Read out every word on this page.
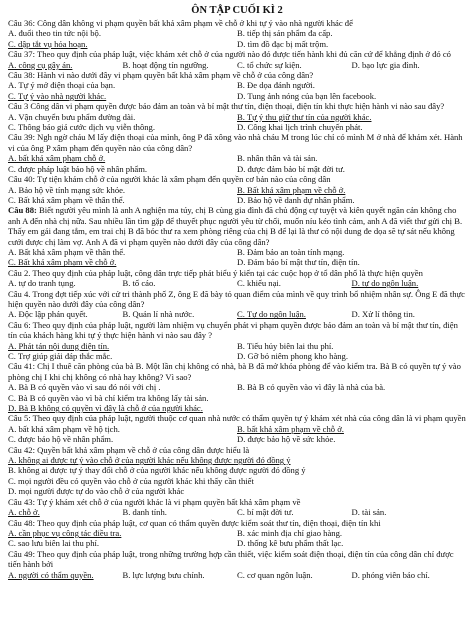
ÔN TẬP CUỐI KÌ 2
Câu 36: Công dân không vi phạm quyền bất khả xâm phạm về chỗ ở khi tự ý vào nhà người khác để
A. đuổi theo tin tức nội bộ.	B. tiếp thị sản phẩm đa cấp.
C. dập tắt vụ hỏa hoạn.	D. tìm đồ đạc bị mất trộm.
Câu 37: Theo quy định của pháp luật, việc khám xét chỗ ở của người nào đó được tiến hành khi đủ căn cứ để khẳng định ở đó có
A. công cụ gây án.	B. hoạt động tín ngưỡng.	C. tổ chức sự kiện.	D. bạo lực gia đình.
Câu 38: Hành vi nào dưới đây vi phạm quyền bất khả xâm phạm về chỗ ở của công dân?
A. Tự ý mở điện thoại của bạn.	B. Đe dọa đánh người.
C. Tự ý vào nhà người khác.	D. Tung ảnh nóng của bạn lên facebook.
Câu 3 Công dân vi phạm quyền được bảo đảm an toàn và bí mật thư tín, điện thoại, điện tín khi thực hiện hành vi nào sau đây?
A. Vận chuyển bưu phẩm đường dài.	B. Tự ý thu giữ thư tín của người khác.
C. Thông báo giá cước dịch vụ viễn thông.	D. Công khai lịch trình chuyến phát.
Câu 39: Ngh ngờ cháu M lấy điện thoại của mình, ông P đã xông vào nhà cháu M trong lúc chỉ có mình M ở nhà để khám xét. Hành vi của ông P xâm phạm đến quyền nào của công dân?
A. bất khả xâm phạm chỗ ở.	B. nhân thân và tài sản.
C. được pháp luật bảo hộ về nhân phẩm.	D. được đảm bảo bí mật đời tư.
Câu 40: Tự tiện khám chỗ ở của người khác là xâm phạm đến quyền cơ bản nào của công dân
A. Bảo hộ về tính mạng sức khỏe.	B. Bất khả xâm phạm về chỗ ở.
C. Bất khả xâm phạm về thân thể.	D. Bảo hộ về danh dự nhân phẩm.
Câu 88: Biết người yêu mình là anh A nghiện ma túy, chị B cùng gia đình đã chủ động cự tuyệt và kiên quyết ngăn cản không cho anh A đến nhà chị nữa. Sau nhiều lần tìm gặp để thuyết phục người yêu từ chối, muốn níu kéo tình cảm, anh A đã viết thư gửi chị B. Thấy em gái đang tắm, em trai chị B đã bóc thư ra xem phòng riêng của chị B để lại là thư có nội dung đe dọa sẽ tự sát nếu không cưới được chị làm vợ. Anh A đã vi phạm quyền nào dưới đây của công dân?
A. Bất khả xâm phạm về thân thể.	B. Đảm bảo an toàn tính mạng.
C. Bất khả xâm phạm về chỗ ở.	D. Đảm bảo bí mật thư tín, điện tín.
Câu 2. Theo quy định của pháp luật, công dân trực tiếp phát biểu ý kiến tại các cuộc họp ở tổ dân phố là thực hiện quyền
A. tự do tranh tụng.	B. tố cáo.	C. khiếu nại.	D. tự do ngôn luận.
Câu 4. Trong đợt tiếp xúc với cử tri thành phố Z, ông E đã bày tỏ quan điểm của mình về quy trình bổ nhiệm nhân sự. Ông E đã thực hiện quyền nào dưới đây của công dân?
A. Độc lập phán quyết.	B. Quản lí nhà nước.	C. Tự do ngôn luận.	D. Xử lí thông tin.
Câu 6: Theo quy định của pháp luật, người làm nhiệm vụ chuyển phát vi phạm quyền được bảo đảm an toàn và bí mật thư tín, điện tín của khách hàng khi tự ý thực hiện hành vi nào sau đây ?
A. Phát tán nội dung điện tín.	B. Tiếu hủy biên lai thu phí.
C. Trợ giúp giải đáp thắc mắc.	D. Gỡ bỏ niêm phong kho hàng.
Câu 41: Chị I thuê căn phòng của bà B. Một lần chị không có nhà, bà B đã mở khóa phòng để vào kiểm tra. Bà B có quyền tự ý vào phòng chị I khi chị không có nhà hay không? Vì sao?
A. Bà B có quyền vào vì sau đó nói với chị .	B. Bà B có quyền vào vì đây là nhà của bà.
C. Bà B có quyền vào vì bà chỉ kiểm tra không lấy tài sản.
D. Bà B không có quyền vì đây là chỗ ở của người khác.
Câu 5: Theo quy định của pháp luật, người thuộc cơ quan nhà nước có thẩm quyền tự ý khám xét nhà của công dân là vi phạm quyền
A. bất khả xâm phạm về hộ tịch.	B. bất khả xâm phạm về chỗ ở.
C. được bảo hộ về nhân phẩm.	D. được bảo hộ về sức khỏe.
Câu 42: Quyền bất khả xâm phạm về chỗ ở của công dân được hiểu là
A. không ai được tự ý vào chỗ ở của người khác nếu không được người đó đồng ý
B. không ai được tự ý thay đổi chỗ ở của người khác nếu không được người đó đồng ý
C. mọi người đều có quyền vào chỗ ở của người khác khi thấy cần thiết
D. mọi người được tự do vào chỗ ở của người khác
Câu 43: Tự ý khám xét chỗ ở của người khác là vi phạm quyền bất khả xâm phạm về
A. chỗ ở.	B. danh tính.	C. bí mật đời tư.	D. tài sản.
Câu 48: Theo quy định của pháp luật, cơ quan có thẩm quyền được kiểm soát thư tín, điện thoại, điện tín khi
A. cần phục vụ công tác điều tra.	B. xác minh địa chỉ giao hàng.
C. sao lưu biên lai thu phí.	D. thống kê bưu phẩm thất lạc.
Câu 49: Theo quy định của pháp luật, trong những trường hợp cần thiết, việc kiểm soát điện thoại, điện tín của công dân chỉ được tiến hành bởi
A. người có thẩm quyền.	B. lực lượng bưu chính.	C. cơ quan ngôn luận.	D. phóng viên báo chí.
